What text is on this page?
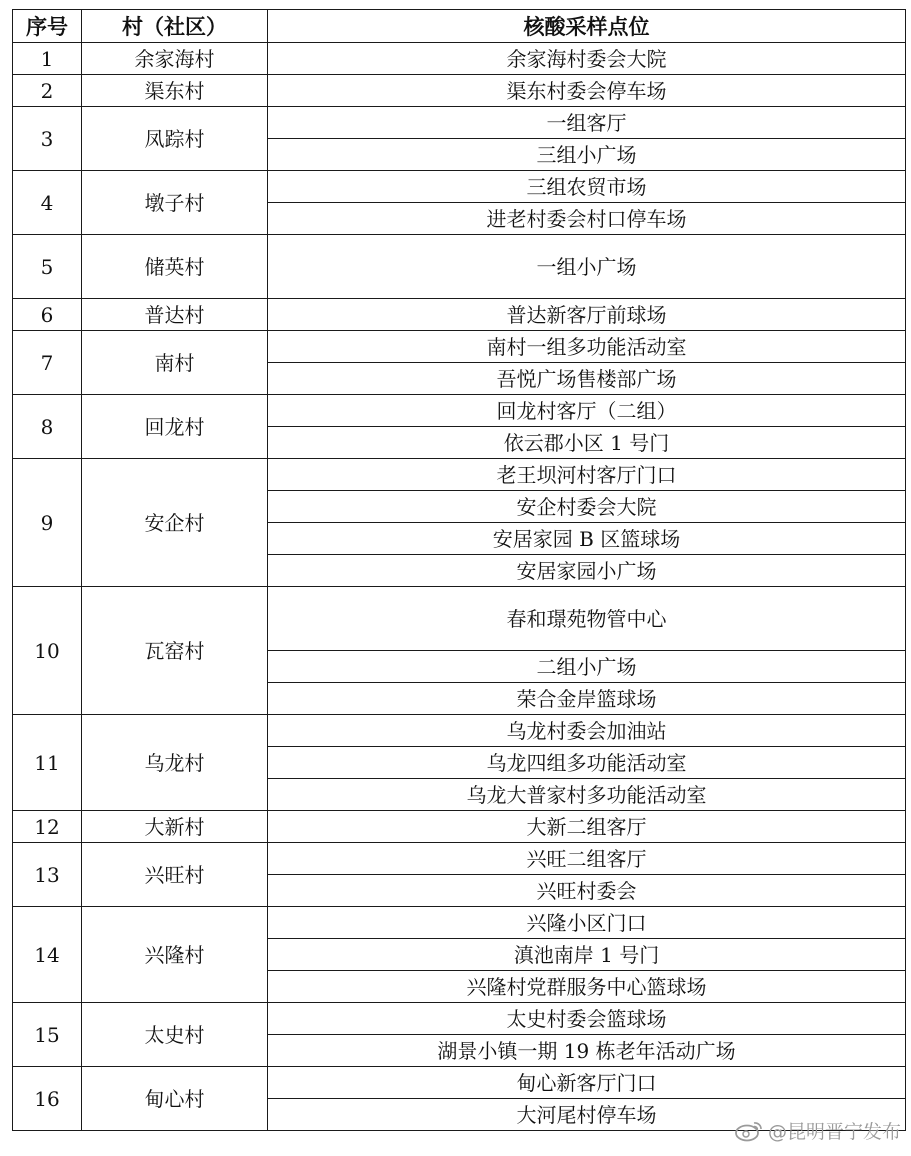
序号	村（社区）	核酸采样点位
1	余家海村	余家海村委会大院
2	渠东村	渠东村委会停车场
3	凤踪村	一组客厅
		三组小广场
4	墩子村	三组农贸市场
		进老村委会村口停车场
5	储英村	一组小广场
6	普达村	普达新客厅前球场
7	南村	南村一组多功能活动室
		吾悦广场售楼部广场
8	回龙村	回龙村客厅（二组）
		依云郡小区 1 号门
9	安企村	老王坝河村客厅门口
		安企村委会大院
		安居家园 B 区篮球场
		安居家园小广场
10	瓦窑村	春和璟苑物管中心
		二组小广场
		荣合金岸篮球场
11	乌龙村	乌龙村委会加油站
		乌龙四组多功能活动室
		乌龙大普家村多功能活动室
12	大新村	大新二组客厅
13	兴旺村	兴旺二组客厅
		兴旺村委会
14	兴隆村	兴隆小区门口
		滇池南岸 1 号门
		兴隆村党群服务中心篮球场
15	太史村	太史村委会篮球场
		湖景小镇一期 19 栋老年活动广场
16	甸心村	甸心新客厅门口
		大河尾村停车场
@昆明晋宁发布
